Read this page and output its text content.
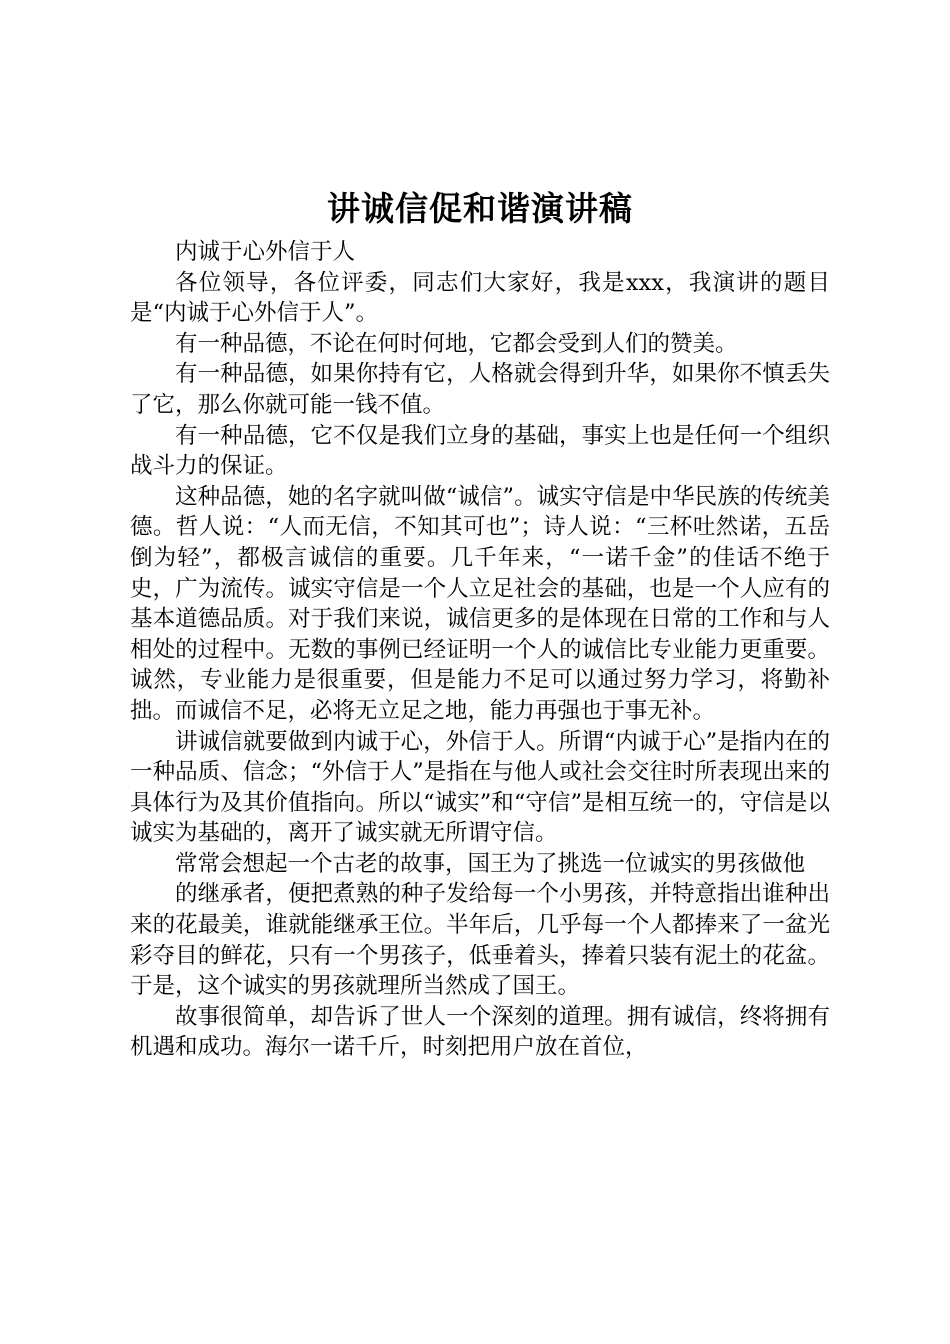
讲诚信促和谐演讲稿

内诚于心外信于人

各位领导，各位评委，同志们大家好，我是xxx，我演讲的题目是“内诚于心外信于人”。

有一种品德，不论在何时何地，它都会受到人们的赞美。

有一种品德，如果你持有它，人格就会得到升华，如果你不慎丢失了它，那么你就可能一钱不值。

有一种品德，它不仅是我们立身的基础，事实上也是任何一个组织战斗力的保证。

这种品德，她的名字就叫做“诚信”。诚实守信是中华民族的传统美德。哲人说：“人而无信，不知其可也”；诗人说：“三杯吐然诺，五岳倒为轻”，都极言诚信的重要。几千年来，“一诺千金”的佳话不绝于史，广为流传。诚实守信是一个人立足社会的基础，也是一个人应有的基本道德品质。对于我们来说，诚信更多的是体现在日常的工作和与人相处的过程中。无数的事例已经证明一个人的诚信比专业能力更重要。诚然，专业能力是很重要，但是能力不足可以通过努力学习，将勤补拙。而诚信不足，必将无立足之地，能力再强也于事无补。

讲诚信就要做到内诚于心，外信于人。所谓“内诚于心”是指内在的一种品质、信念；“外信于人”是指在与他人或社会交往时所表现出来的具体行为及其价值指向。所以“诚实”和“守信”是相互统一的，守信是以诚实为基础的，离开了诚实就无所谓守信。

常常会想起一个古老的故事，国王为了挑选一位诚实的男孩做他

的继承者，便把煮熟的种子发给每一个小男孩，并特意指出谁种出来的花最美，谁就能继承王位。半年后，几乎每一个人都捧来了一盆光彩夺目的鲜花，只有一个男孩子，低垂着头，捧着只装有泥土的花盆。于是，这个诚实的男孩就理所当然成了国王。

故事很简单，却告诉了世人一个深刻的道理。拥有诚信，终将拥有机遇和成功。海尔一诺千斤，时刻把用户放在首位，
